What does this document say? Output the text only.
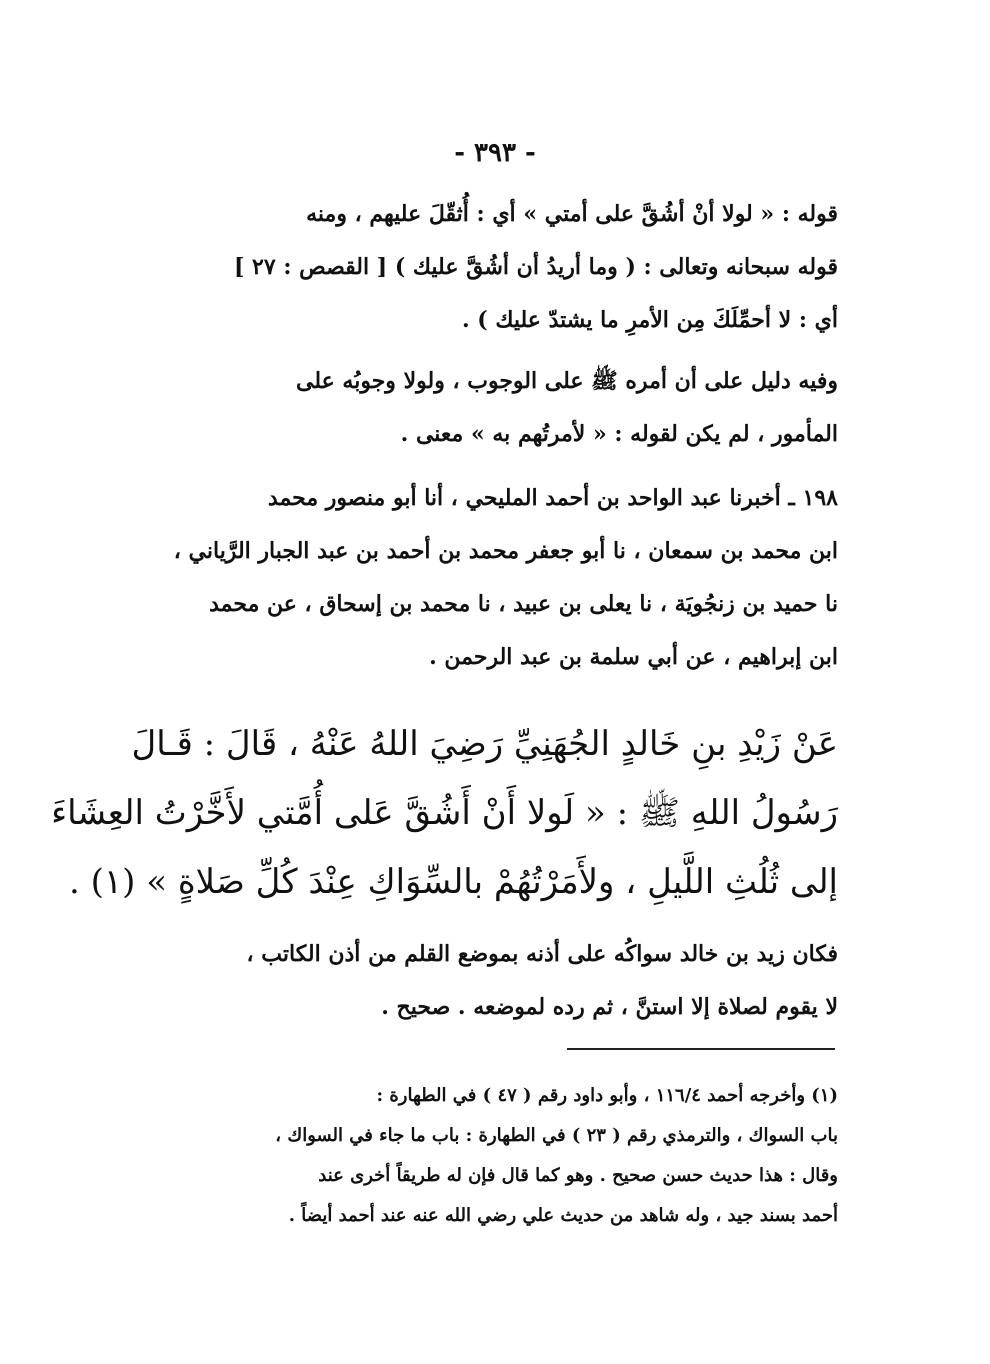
- ٣٩٣ -
قوله : « لولا أنْ أشُقَّ على أمتي » أي : أُثقّلَ عليهم ، ومنه
قوله سبحانه وتعالى : ( وما أريدُ أن أشُقَّ عليك ) [ القصص : ٢٧ ]
أي : لا أحمِّلَكَ مِن الأمرِ ما يشتدّ عليك ) .
وفيه دليل على أن أمره ﷺ على الوجوب ، ولولا وجوبُه على
المأمور ، لم يكن لقوله : « لأمرتُهم به » معنى .
١٩٨ ـ أخبرنا عبد الواحد بن أحمد المليحي ، أنا أبو منصور محمد
ابن محمد بن سمعان ، نا أبو جعفر محمد بن أحمد بن عبد الجبار الرَّياني ،
نا حميد بن زنجُويَة ، نا يعلى بن عبيد ، نا محمد بن إسحاق ، عن محمد
ابن إبراهيم ، عن أبي سلمة بن عبد الرحمن .
عَنْ زَيْدِ بنِ خَالدٍ الجُهَنِيِّ رَضِيَ اللهُ عَنْهُ ، قَالَ : قَـالَ
رَسُولُ اللهِ ﷺ : « لَولا أَنْ أَشُقَّ عَلى أُمَّتي لأَخَّرْتُ العِشَاءَ
إلى ثُلُثِ اللَّيلِ ، ولأَمَرْتُهُمْ بالسِّوَاكِ عِنْدَ كُلِّ صَلاةٍ » (١) .
فكان زيد بن خالد سواكُه على أذنه بموضع القلم من أذن الكاتب ،
لا يقوم لصلاة إلا استنَّ ، ثم رده لموضعه . صحيح .
(١) وأخرجه أحمد ١١٦/٤ ، وأبو داود رقم ( ٤٧ ) في الطهارة :
باب السواك ، والترمذي رقم ( ٢٣ ) في الطهارة : باب ما جاء في السواك ،
وقال : هذا حديث حسن صحيح . وهو كما قال فإن له طريقاً أخرى عند
أحمد بسند جيد ، وله شاهد من حديث علي رضي الله عنه عند أحمد أيضاً .
